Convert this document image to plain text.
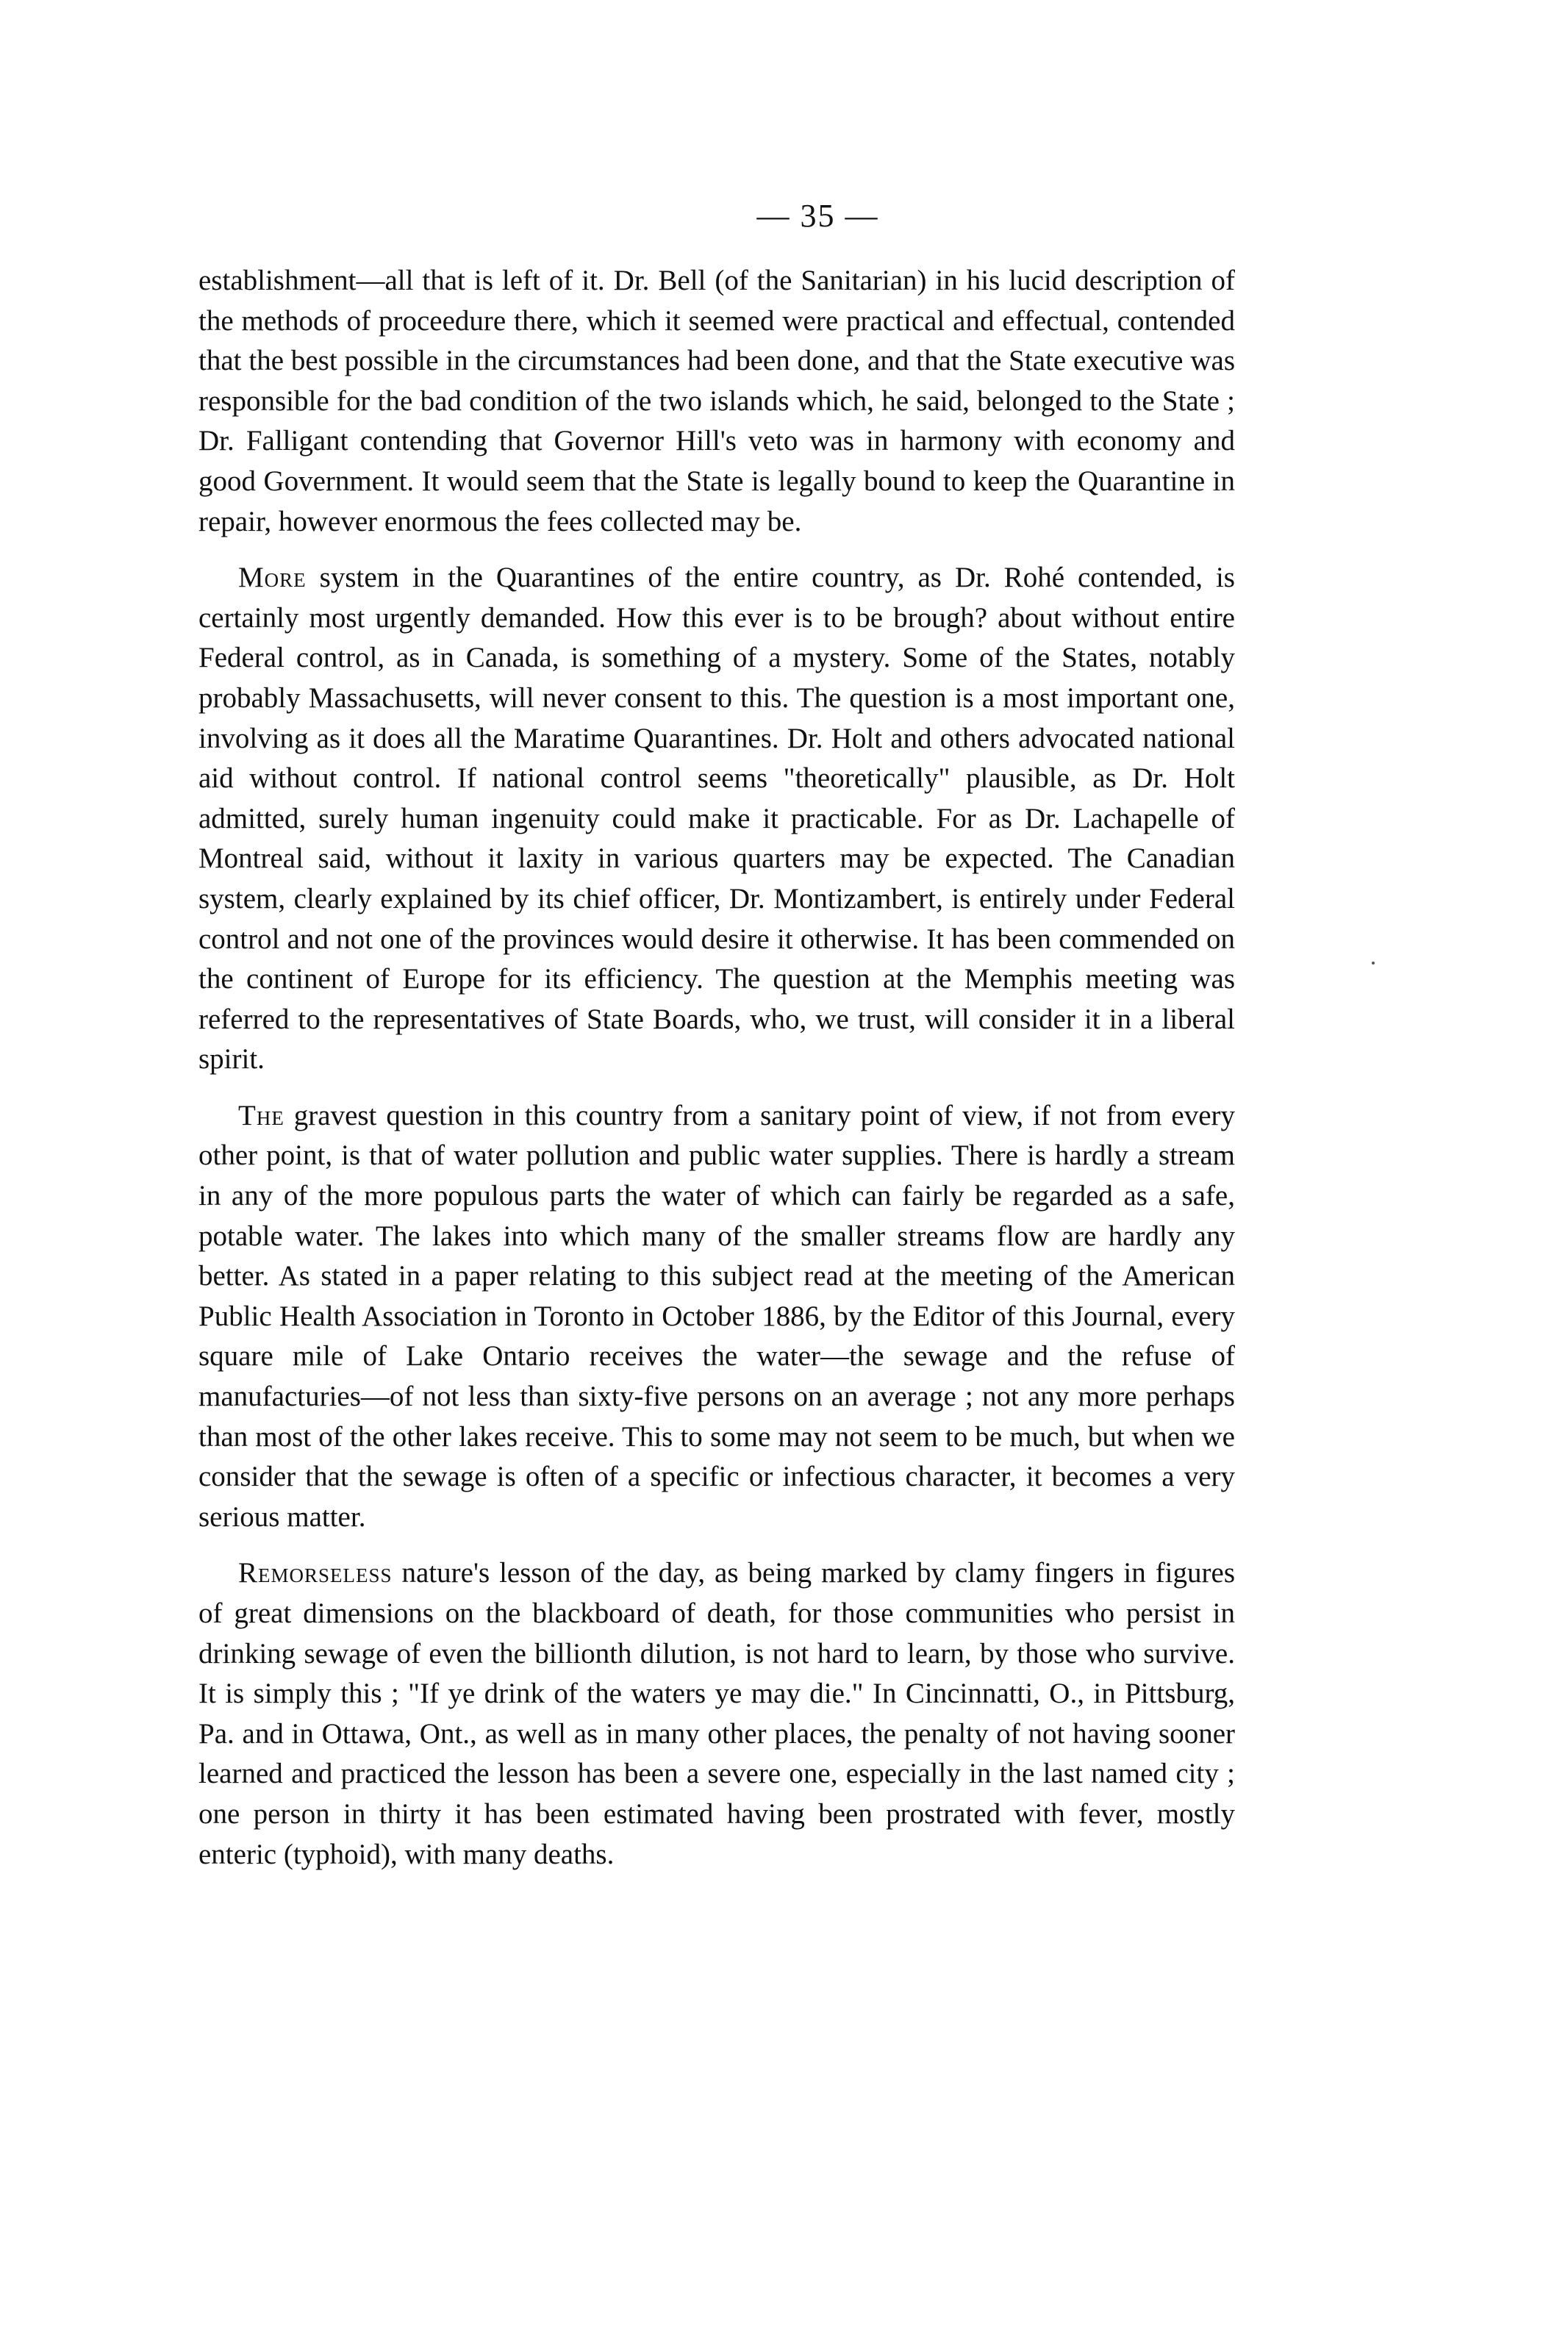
— 35 —

establishment—all that is left of it. Dr. Bell (of the Sanitarian) in his lucid description of the methods of proceedure there, which it seemed were practical and effectual, contended that the best possible in the circumstances had been done, and that the State executive was responsible for the bad condition of the two islands which, he said, belonged to the State ; Dr. Falligant contending that Governor Hill's veto was in harmony with economy and good Government. It would seem that the State is legally bound to keep the Quarantine in repair, however enormous the fees collected may be.

More system in the Quarantines of the entire country, as Dr. Rohé contended, is certainly most urgently demanded. How this ever is to be brough? about without entire Federal control, as in Canada, is something of a mystery. Some of the States, notably probably Massachusetts, will never consent to this. The question is a most important one, involving as it does all the Maratime Quarantines. Dr. Holt and others advocated national aid without control. If national control seems "theoretically" plausible, as Dr. Holt admitted, surely human ingenuity could make it practicable. For as Dr. Lachapelle of Montreal said, without it laxity in various quarters may be expected. The Canadian system, clearly explained by its chief officer, Dr. Montizambert, is entirely under Federal control and not one of the provinces would desire it otherwise. It has been commended on the continent of Europe for its efficiency. The question at the Memphis meeting was referred to the representatives of State Boards, who, we trust, will consider it in a liberal spirit.

The gravest question in this country from a sanitary point of view, if not from every other point, is that of water pollution and public water supplies. There is hardly a stream in any of the more populous parts the water of which can fairly be regarded as a safe, potable water. The lakes into which many of the smaller streams flow are hardly any better. As stated in a paper relating to this subject read at the meeting of the American Public Health Association in Toronto in October 1886, by the Editor of this Journal, every square mile of Lake Ontario receives the water—the sewage and the refuse of manufacturies—of not less than sixty-five persons on an average ; not any more perhaps than most of the other lakes receive. This to some may not seem to be much, but when we consider that the sewage is often of a specific or infectious character, it becomes a very serious matter.

Remorseless nature's lesson of the day, as being marked by clamy fingers in figures of great dimensions on the blackboard of death, for those communities who persist in drinking sewage of even the billionth dilution, is not hard to learn, by those who survive. It is simply this ; "If ye drink of the waters ye may die." In Cincinnatti, O., in Pittsburg, Pa. and in Ottawa, Ont., as well as in many other places, the penalty of not having sooner learned and practiced the lesson has been a severe one, especially in the last named city ; one person in thirty it has been estimated having been prostrated with fever, mostly enteric (typhoid), with many deaths.
